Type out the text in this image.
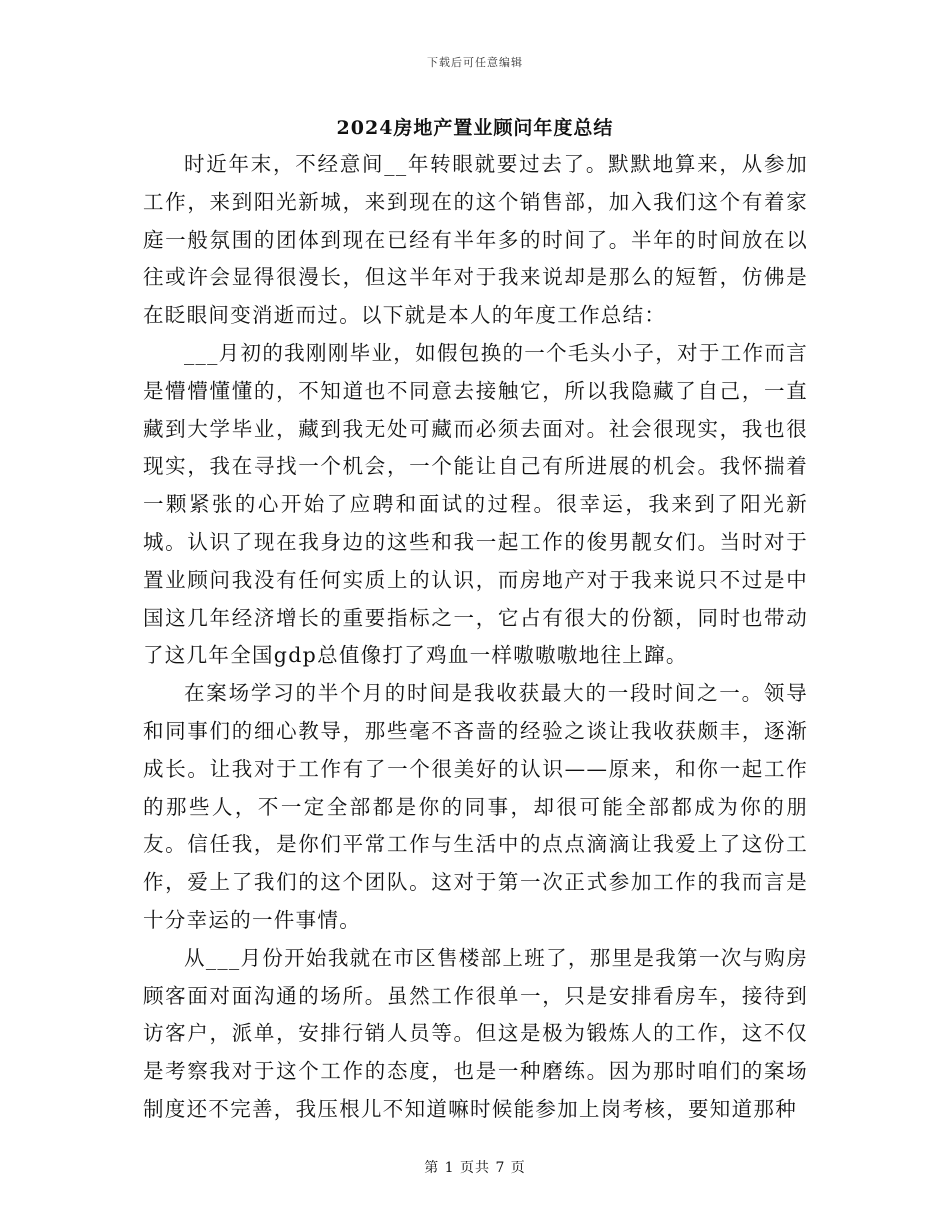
下载后可任意编辑
2024房地产置业顾问年度总结

时近年末，不经意间__年转眼就要过去了。默默地算来，从参加工作，来到阳光新城，来到现在的这个销售部，加入我们这个有着家庭一般氛围的团体到现在已经有半年多的时间了。半年的时间放在以往或许会显得很漫长，但这半年对于我来说却是那么的短暂，仿佛是在眨眼间变消逝而过。以下就是本人的年度工作总结：

___月初的我刚刚毕业，如假包换的一个毛头小子，对于工作而言是懵懵懂懂的，不知道也不同意去接触它，所以我隐藏了自己，一直藏到大学毕业，藏到我无处可藏而必须去面对。社会很现实，我也很现实，我在寻找一个机会，一个能让自己有所进展的机会。我怀揣着一颗紧张的心开始了应聘和面试的过程。很幸运，我来到了阳光新城。认识了现在我身边的这些和我一起工作的俊男靓女们。当时对于置业顾问我没有任何实质上的认识，而房地产对于我来说只不过是中国这几年经济增长的重要指标之一，它占有很大的份额，同时也带动了这几年全国gdp总值像打了鸡血一样嗷嗷嗷地往上蹿。

在案场学习的半个月的时间是我收获最大的一段时间之一。领导和同事们的细心教导，那些毫不吝啬的经验之谈让我收获颇丰，逐渐成长。让我对于工作有了一个很美好的认识——原来，和你一起工作的那些人，不一定全部都是你的同事，却很可能全部都成为你的朋友。信任我，是你们平常工作与生活中的点点滴滴让我爱上了这份工作，爱上了我们的这个团队。这对于第一次正式参加工作的我而言是十分幸运的一件事情。

从___月份开始我就在市区售楼部上班了，那里是我第一次与购房顾客面对面沟通的场所。虽然工作很单一，只是安排看房车，接待到访客户，派单，安排行销人员等。但这是极为锻炼人的工作，这不仅是考察我对于这个工作的态度，也是一种磨练。因为那时咱们的案场制度还不完善，我压根儿不知道嘛时候能参加上岗考核，要知道那种

第 1 页共 7 页
